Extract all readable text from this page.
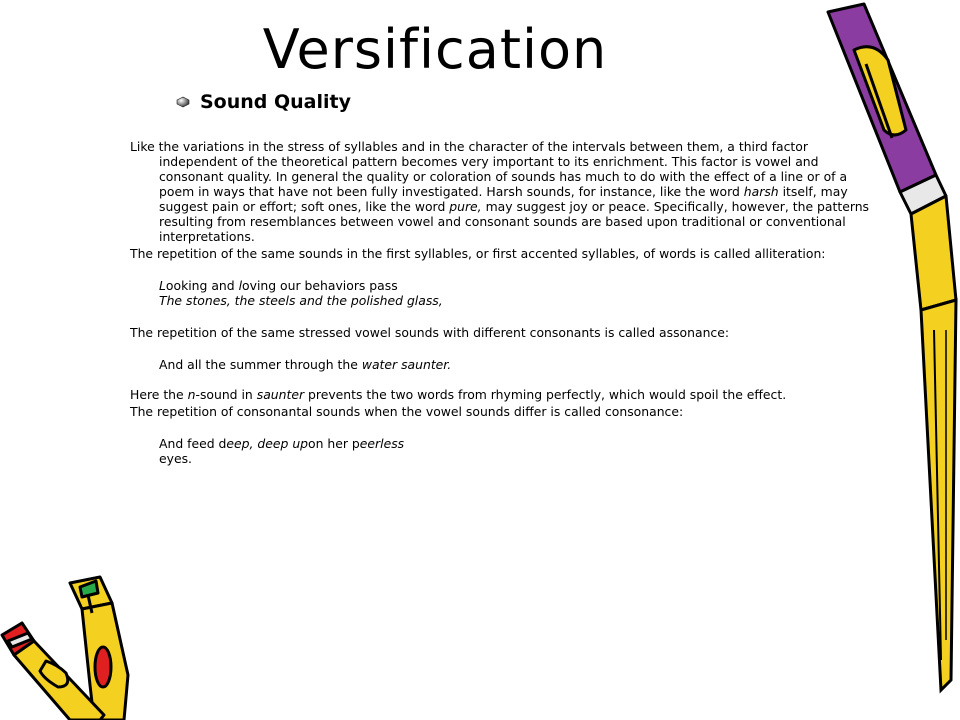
Versification
Sound Quality

Like the variations in the stress of syllables and in the character of the intervals between them, a third factor independent of the theoretical pattern becomes very important to its enrichment. This factor is vowel and consonant quality. In general the quality or coloration of sounds has much to do with the effect of a line or of a poem in ways that have not been fully investigated. Harsh sounds, for instance, like the word harsh itself, may suggest pain or effort; soft ones, like the word pure, may suggest joy or peace. Specifically, however, the patterns resulting from resemblances between vowel and consonant sounds are based upon traditional or conventional interpretations.

The repetition of the same sounds in the first syllables, or first accented syllables, of words is called alliteration:

Looking and loving our behaviors pass

The stones, the steels and the polished glass,

The repetition of the same stressed vowel sounds with different consonants is called assonance:

And all the summer through the water saunter.

Here the n-sound in saunter prevents the two words from rhyming perfectly, which would spoil the effect.

The repetition of consonantal sounds when the vowel sounds differ is called consonance:

And feed deep, deep upon her peerless

eyes.
